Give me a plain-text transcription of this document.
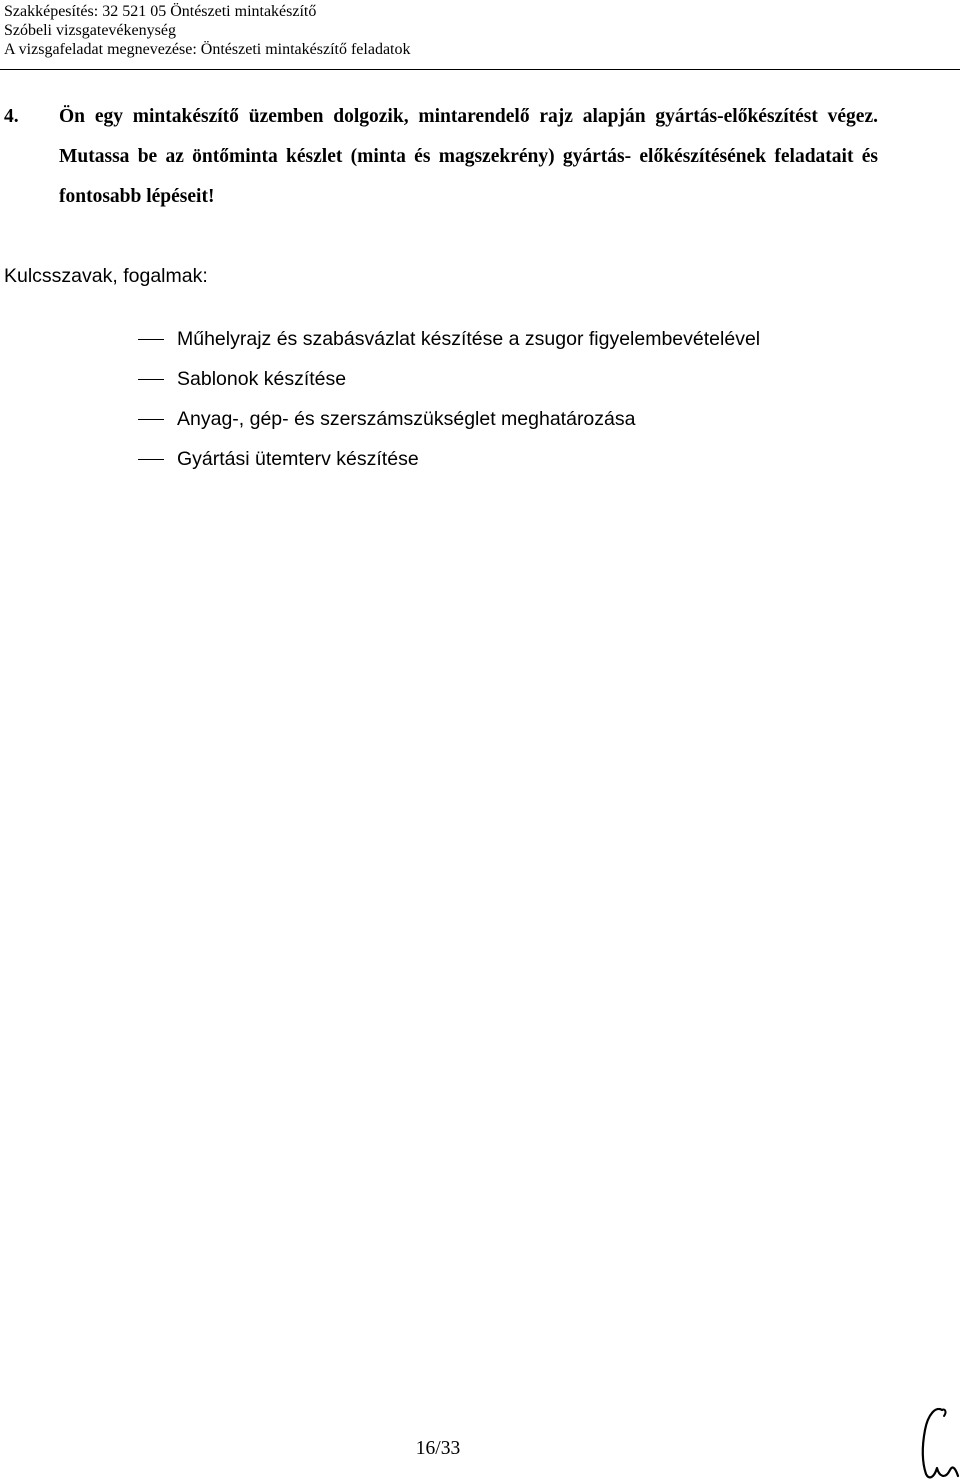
Szakképesítés: 32 521 05 Öntészeti mintakészítő
Szóbeli vizsgatevékenység
A vizsgafeladat megnevezése: Öntészeti mintakészítő feladatok
4. Ön egy mintakészítő üzemben dolgozik, mintarendelő rajz alapján gyártás-előkészítést végez. Mutassa be az öntőminta készlet (minta és magszekrény) gyártás- előkészítésének feladatait és fontosabb lépéseit!
Kulcsszavak, fogalmak:
Műhelyrajz és szabásvázlat készítése a zsugor figyelembevételével
Sablonok készítése
Anyag-, gép- és szerszámszükséglet meghatározása
Gyártási ütemterv készítése
16/33
